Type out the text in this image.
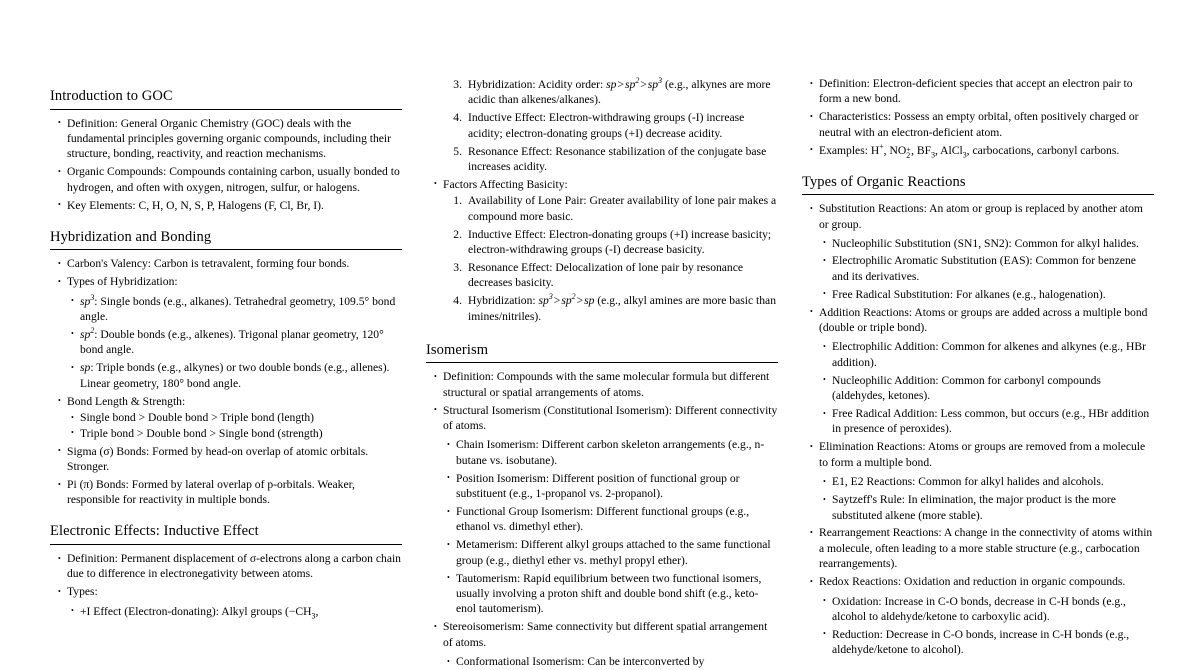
Introduction to GOC
• Definition: General Organic Chemistry (GOC) deals with the fundamental principles governing organic compounds, including their structure, bonding, reactivity, and reaction mechanisms.
• Organic Compounds: Compounds containing carbon, usually bonded to hydrogen, and often with oxygen, nitrogen, sulfur, or halogens.
• Key Elements: C, H, O, N, S, P, Halogens (F, Cl, Br, I).
Hybridization and Bonding
• Carbon's Valency: Carbon is tetravalent, forming four bonds.
• Types of Hybridization:
• $sp^3$: Single bonds (e.g., alkanes). Tetrahedral geometry, 109.5° bond angle.
• $sp^2$: Double bonds (e.g., alkenes). Trigonal planar geometry, 120° bond angle.
• sp: Triple bonds (e.g., alkynes) or two double bonds (e.g., allenes). Linear geometry, 180° bond angle.
• Bond Length & Strength:
• Single bond > Double bond > Triple bond (length)
• Triple bond > Double bond > Single bond (strength)
• Sigma (σ) Bonds: Formed by head-on overlap of atomic orbitals. Stronger.
• Pi (π) Bonds: Formed by lateral overlap of p-orbitals. Weaker, responsible for reactivity in multiple bonds.
Electronic Effects: Inductive Effect
• Definition: Permanent displacement of σ-electrons along a carbon chain due to difference in electronegativity between atoms.
• Types:
• +I Effect (Electron-donating): Alkyl groups ($-CH_3$,
Hybridization: Acidity order: $sp>sp^2>sp^3$ (e.g., alkynes are more acidic than alkenes/alkanes).
Inductive Effect: Electron-withdrawing groups (-I) increase acidity; electron-donating groups (+I) decrease acidity.
Resonance Effect: Resonance stabilization of the conjugate base increases acidity.
• Factors Affecting Basicity:
Availability of Lone Pair: Greater availability of lone pair makes a compound more basic.
Inductive Effect: Electron-donating groups (+I) increase basicity; electron-withdrawing groups (-I) decrease basicity.
Resonance Effect: Delocalization of lone pair by resonance decreases basicity.
Hybridization: $sp^3>sp^2>sp$ (e.g., alkyl amines are more basic than imines/nitriles).
Isomerism
• Definition: Compounds with the same molecular formula but different structural or spatial arrangements of atoms.
• Structural Isomerism (Constitutional Isomerism): Different connectivity of atoms.
• Chain Isomerism: Different carbon skeleton arrangements (e.g., n-butane vs. isobutane).
• Position Isomerism: Different position of functional group or substituent (e.g., 1-propanol vs. 2-propanol).
• Functional Group Isomerism: Different functional groups (e.g., ethanol vs. dimethyl ether).
• Metamerism: Different alkyl groups attached to the same functional group (e.g., diethyl ether vs. methyl propyl ether).
• Tautomerism: Rapid equilibrium between two functional isomers, usually involving a proton shift and double bond shift (e.g., keto-enol tautomerism).
• Stereoisomerism: Same connectivity but different spatial arrangement of atoms.
• Conformational Isomerism: Can be interconverted by
• Definition: Electron-deficient species that accept an electron pair to form a new bond.
• Characteristics: Possess an empty orbital, often positively charged or neutral with an electron-deficient atom.
• Examples: H+, NO +
2 , $BF_3$, AlCl$_3$, carbocations, carbonyl carbons.
Types of Organic Reactions
• Substitution Reactions: An atom or group is replaced by another atom or group.
• Nucleophilic Substitution (SN1, SN2): Common for alkyl halides.
• Electrophilic Aromatic Substitution (EAS): Common for benzene and its derivatives.
• Free Radical Substitution: For alkanes (e.g., halogenation).
• Addition Reactions: Atoms or groups are added across a multiple bond (double or triple bond).
• Electrophilic Addition: Common for alkenes and alkynes (e.g., HBr addition).
• Nucleophilic Addition: Common for carbonyl compounds (aldehydes, ketones).
• Free Radical Addition: Less common, but occurs (e.g., HBr addition in presence of peroxides).
• Elimination Reactions: Atoms or groups are removed from a molecule to form a multiple bond.
• E1, E2 Reactions: Common for alkyl halides and alcohols.
• Saytzeff's Rule: In elimination, the major product is the more substituted alkene (more stable).
• Rearrangement Reactions: A change in the connectivity of atoms within a molecule, often leading to a more stable structure (e.g., carbocation rearrangements).
• Redox Reactions: Oxidation and reduction in organic compounds.
• Oxidation: Increase in C-O bonds, decrease in C-H bonds (e.g., alcohol to aldehyde/ketone to carboxylic acid).
• Reduction: Decrease in C-O bonds, increase in C-H bonds (e.g., aldehyde/ketone to alcohol).
